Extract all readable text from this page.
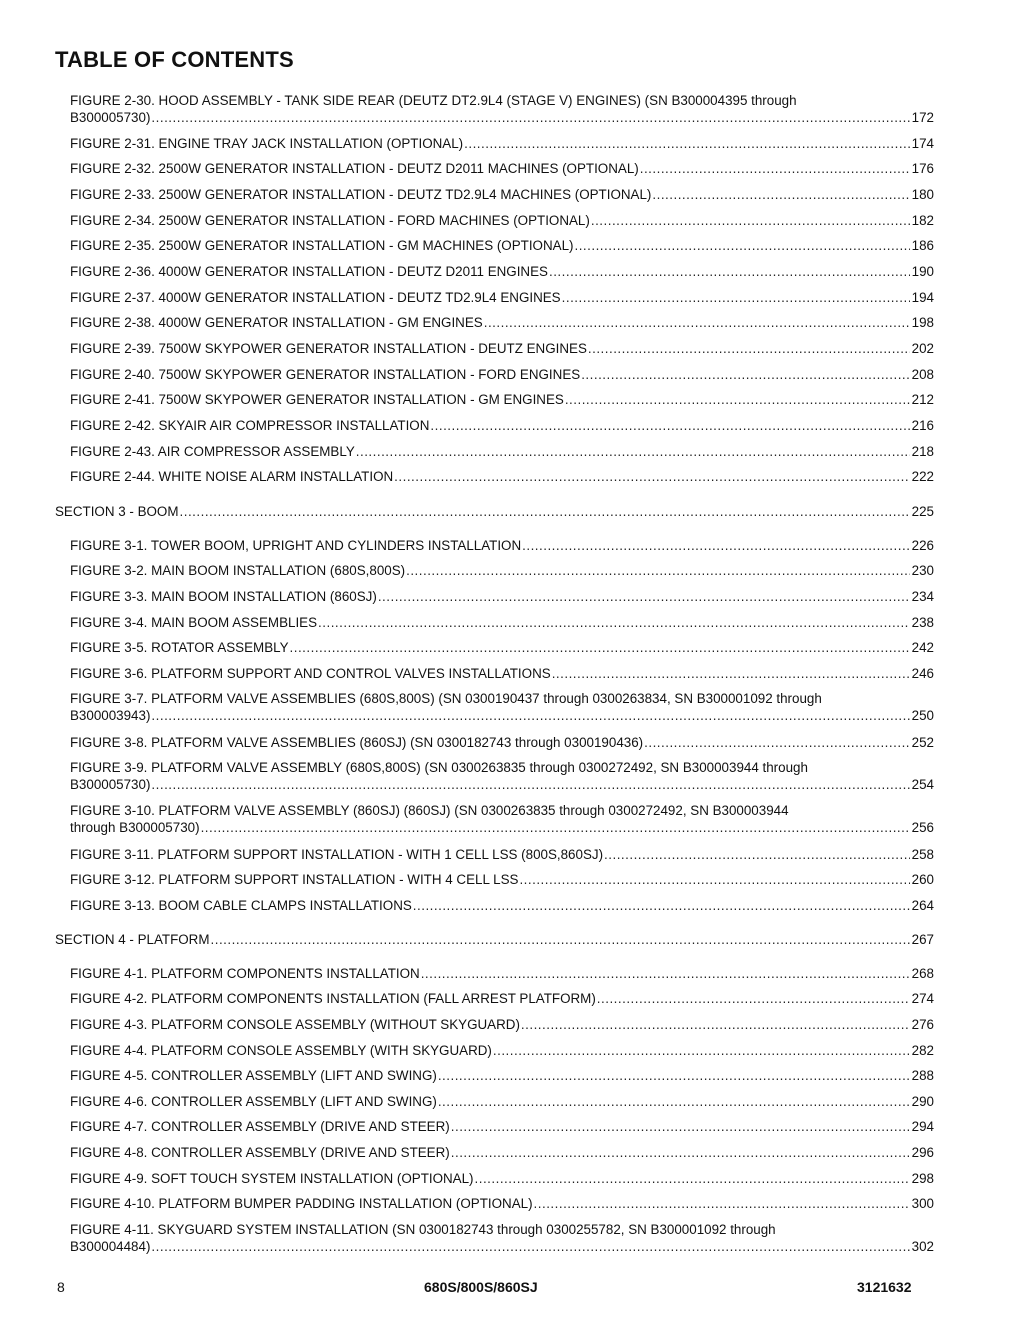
TABLE OF CONTENTS
FIGURE 2-30. HOOD ASSEMBLY - TANK SIDE REAR (DEUTZ DT2.9L4 (STAGE V) ENGINES) (SN B300004395 through
B300005730) .....	172
FIGURE 2-31. ENGINE TRAY JACK INSTALLATION (OPTIONAL) .....	174
FIGURE 2-32. 2500W GENERATOR INSTALLATION - DEUTZ D2011 MACHINES (OPTIONAL) .....	176
FIGURE 2-33. 2500W GENERATOR INSTALLATION - DEUTZ TD2.9L4 MACHINES (OPTIONAL) .....	180
FIGURE 2-34. 2500W GENERATOR INSTALLATION - FORD MACHINES (OPTIONAL) .....	182
FIGURE 2-35. 2500W GENERATOR INSTALLATION - GM MACHINES (OPTIONAL) .....	186
FIGURE 2-36. 4000W GENERATOR INSTALLATION - DEUTZ D2011 ENGINES .....	190
FIGURE 2-37. 4000W GENERATOR INSTALLATION - DEUTZ TD2.9L4 ENGINES .....	194
FIGURE 2-38. 4000W GENERATOR INSTALLATION - GM ENGINES .....	198
FIGURE 2-39. 7500W SKYPOWER GENERATOR INSTALLATION - DEUTZ ENGINES .....	202
FIGURE 2-40. 7500W SKYPOWER GENERATOR INSTALLATION - FORD ENGINES .....	208
FIGURE 2-41. 7500W SKYPOWER GENERATOR INSTALLATION - GM ENGINES .....	212
FIGURE 2-42. SKYAIR AIR COMPRESSOR INSTALLATION .....	216
FIGURE 2-43. AIR COMPRESSOR ASSEMBLY .....	218
FIGURE 2-44. WHITE NOISE ALARM INSTALLATION .....	222
SECTION 3 - BOOM .....	225
FIGURE 3-1. TOWER BOOM, UPRIGHT AND CYLINDERS INSTALLATION .....	226
FIGURE 3-2. MAIN BOOM INSTALLATION (680S,800S) .....	230
FIGURE 3-3. MAIN BOOM INSTALLATION (860SJ) .....	234
FIGURE 3-4. MAIN BOOM ASSEMBLIES .....	238
FIGURE 3-5. ROTATOR ASSEMBLY .....	242
FIGURE 3-6. PLATFORM SUPPORT AND CONTROL VALVES INSTALLATIONS .....	246
FIGURE 3-7. PLATFORM VALVE ASSEMBLIES (680S,800S) (SN 0300190437 through 0300263834, SN B300001092 through
B300003943) .....	250
FIGURE 3-8. PLATFORM VALVE ASSEMBLIES (860SJ) (SN 0300182743 through 0300190436) .....	252
FIGURE 3-9. PLATFORM VALVE ASSEMBLY (680S,800S) (SN 0300263835 through 0300272492, SN B300003944 through
B300005730) .....	254
FIGURE 3-10. PLATFORM VALVE ASSEMBLY (860SJ) (860SJ) (SN 0300263835 through 0300272492, SN B300003944
through B300005730) .....	256
FIGURE 3-11. PLATFORM SUPPORT INSTALLATION - WITH 1 CELL LSS (800S,860SJ) .....	258
FIGURE 3-12. PLATFORM SUPPORT INSTALLATION - WITH 4 CELL LSS .....	260
FIGURE 3-13. BOOM CABLE CLAMPS INSTALLATIONS .....	264
SECTION 4 - PLATFORM .....	267
FIGURE 4-1. PLATFORM COMPONENTS INSTALLATION .....	268
FIGURE 4-2. PLATFORM COMPONENTS INSTALLATION (FALL ARREST PLATFORM) .....	274
FIGURE 4-3. PLATFORM CONSOLE ASSEMBLY (WITHOUT SKYGUARD) .....	276
FIGURE 4-4. PLATFORM CONSOLE ASSEMBLY (WITH SKYGUARD) .....	282
FIGURE 4-5. CONTROLLER ASSEMBLY (LIFT AND SWING) .....	288
FIGURE 4-6. CONTROLLER ASSEMBLY (LIFT AND SWING) .....	290
FIGURE 4-7. CONTROLLER ASSEMBLY (DRIVE AND STEER) .....	294
FIGURE 4-8. CONTROLLER ASSEMBLY (DRIVE AND STEER) .....	296
FIGURE 4-9. SOFT TOUCH SYSTEM INSTALLATION (OPTIONAL) .....	298
FIGURE 4-10. PLATFORM BUMPER PADDING INSTALLATION (OPTIONAL) .....	300
FIGURE 4-11. SKYGUARD SYSTEM INSTALLATION (SN 0300182743 through 0300255782, SN B300001092 through
B300004484) .....	302
8	680S/800S/860SJ	3121632
